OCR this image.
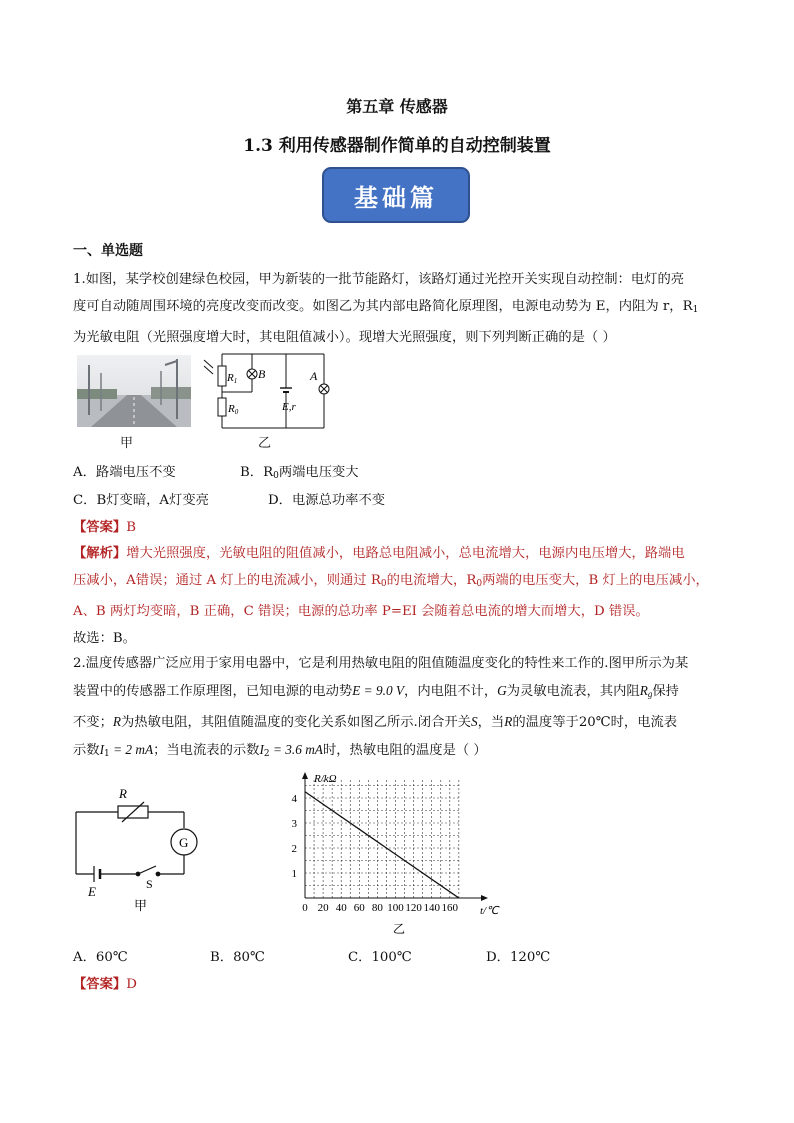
第五章 传感器
1.3 利用传感器制作简单的自动控制装置
基础篇
一、单选题
1.如图，某学校创建绿色校园，甲为新装的一批节能路灯，该路灯通过光控开关实现自动控制：电灯的亮
度可自动随周围环境的亮度改变而改变。如图乙为其内部电路简化原理图，电源电动势为 E，内阻为 r，$R_1$
为光敏电阻（光照强度增大时，其电阻值减小）。现增大光照强度，则下列判断正确的是（ ）
甲
R1 B
R0	E,r
A
乙
A．路端电压不变	B．$R_0$两端电压变大
C．B灯变暗，A灯变亮	D．电源总功率不变
【答案】B
【解析】增大光照强度，光敏电阻的阻值减小，电路总电阻减小，总电流增大，电源内电压增大，路端电
压减小，A错误；通过 A 灯上的电流减小，则通过 $R_0$的电流增大，$R_0$两端的电压变大，B 灯上的电压减小，
A、B 两灯均变暗，B 正确，C 错误；电源的总功率 P=EI 会随着总电流的增大而增大，D 错误。
故选：B。
2.温度传感器广泛应用于家用电器中，它是利用热敏电阻的阻值随温度变化的特性来工作的.图甲所示为某
装置中的传感器工作原理图，已知电源的电动势E = 9.0 V，内电阻不计，G为灵敏电流表，其内阻$R_g$保持
不变；R为热敏电阻，其阻值随温度的变化关系如图乙所示.闭合开关S，当R的温度等于20℃时，电流表
示数$I_1 = 2$ mA；当电流表的示数$I_2 = 3.6$ mA时，热敏电阻的温度是（ ）
R
G
E	S
甲
R/kΩ
t/℃
0 20 40 60 80 100 120 140 160
1
2
3
4
乙
A．60℃	B．80℃	C．100℃	D．120℃
【答案】D
